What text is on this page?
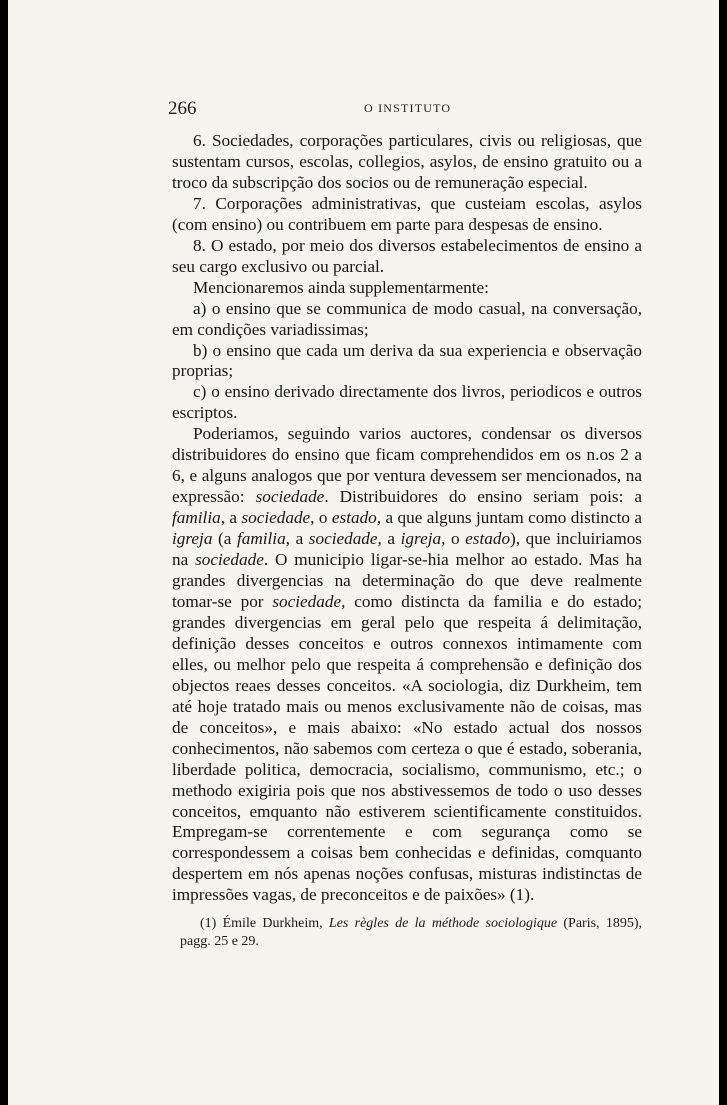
266	O INSTITUTO

6. Sociedades, corporações particulares, civis ou religiosas, que sustentam cursos, escolas, collegios, asylos, de ensino gratuito ou a troco da subscripção dos socios ou de remuneração especial.

7. Corporações administrativas, que custeiam escolas, asylos (com ensino) ou contribuem em parte para despesas de ensino.

8. O estado, por meio dos diversos estabelecimentos de ensino a seu cargo exclusivo ou parcial.

Mencionaremos ainda supplementarmente:

a) o ensino que se communica de modo casual, na conversação, em condições variadissimas;

b) o ensino que cada um deriva da sua experiencia e observação proprias;

c) o ensino derivado directamente dos livros, periodicos e outros escriptos.

Poderiamos, seguindo varios auctores, condensar os diversos distribuidores do ensino que ficam comprehendidos em os n.os 2 a 6, e alguns analogos que por ventura devessem ser mencionados, na expressão: sociedade. Distribuidores do ensino seriam pois: a familia, a sociedade, o estado, a que alguns juntam como distincto a igreja (a familia, a sociedade, a igreja, o estado), que incluiriamos na sociedade. O municipio ligar-se-hia melhor ao estado. Mas ha grandes divergencias na determinação do que deve realmente tomar-se por sociedade, como distincta da familia e do estado; grandes divergencias em geral pelo que respeita á delimitação, definição desses conceitos e outros connexos intimamente com elles, ou melhor pelo que respeita á comprehensão e definição dos objectos reaes desses conceitos. «A sociologia, diz Durkheim, tem até hoje tratado mais ou menos exclusivamente não de coisas, mas de conceitos», e mais abaixo: «No estado actual dos nossos conhecimentos, não sabemos com certeza o que é estado, soberania, liberdade politica, democracia, socialismo, communismo, etc.; o methodo exigiria pois que nos abstivessemos de todo o uso desses conceitos, emquanto não estiverem scientificamente constituidos. Empregam-se correntemente e com segurança como se correspondessem a coisas bem conhecidas e definidas, comquanto despertem em nós apenas noções confusas, misturas indistinctas de impressões vagas, de preconceitos e de paixões» (1).

(1) Émile Durkheim, Les règles de la méthode sociologique (Paris, 1895), pagg. 25 e 29.
